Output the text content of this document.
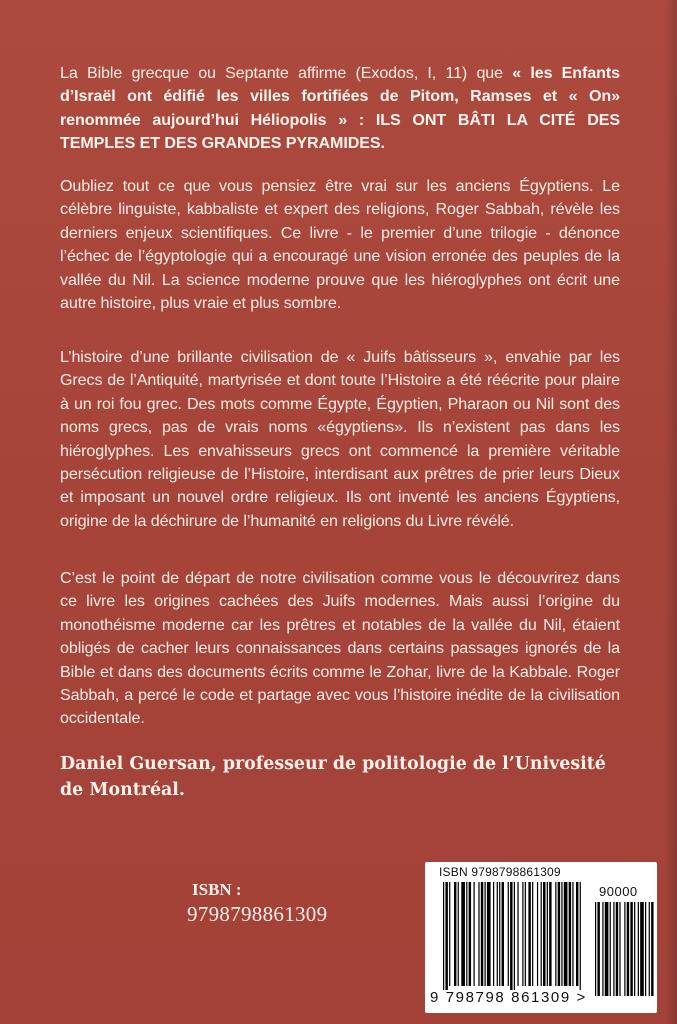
La Bible grecque ou Septante affirme (Exodos, I, 11) que « les Enfants d’Israël ont édifié les villes fortifiées de Pitom, Ramses et « On» renommée aujourd’hui Héliopolis » : ILS ONT BÂTI LA CITÉ DES TEMPLES ET DES GRANDES PYRAMIDES.
Oubliez tout ce que vous pensiez être vrai sur les anciens Égyptiens. Le célèbre linguiste, kabbaliste et expert des religions, Roger Sabbah, révèle les derniers enjeux scientifiques. Ce livre - le premier d’une trilogie - dénonce l’échec de l’égyptologie qui a encouragé une vision erronée des peuples de la vallée du Nil. La science moderne prouve que les hiéroglyphes ont écrit une autre histoire, plus vraie et plus sombre.
L’histoire d’une brillante civilisation de « Juifs bâtisseurs », envahie par les Grecs de l’Antiquité, martyrisée et dont toute l’Histoire a été réécrite pour plaire à un roi fou grec. Des mots comme Égypte, Égyptien, Pharaon ou Nil sont des noms grecs, pas de vrais noms «égyptiens». Ils n’existent pas dans les hiéroglyphes. Les envahisseurs grecs ont commencé la première véritable persécution religieuse de l’Histoire, interdisant aux prêtres de prier leurs Dieux et imposant un nouvel ordre religieux. Ils ont inventé les anciens Égyptiens, origine de la déchirure de l’humanité en religions du Livre révélé.
C’est le point de départ de notre civilisation comme vous le découvrirez dans ce livre les origines cachées des Juifs modernes. Mais aussi l’origine du monothéisme moderne car les prêtres et notables de la vallée du Nil, étaient obligés de cacher leurs connaissances dans certains passages ignorés de la Bible et dans des documents écrits comme le Zohar, livre de la Kabbale. Roger Sabbah, a percé le code et partage avec vous l’histoire inédite de la civilisation occidentale.
Daniel Guersan, professeur de politologie de l’Univesité de Montréal.
ISBN :
9798798861309
ISBN 9798798861309
90000
9 798798 861309 >
